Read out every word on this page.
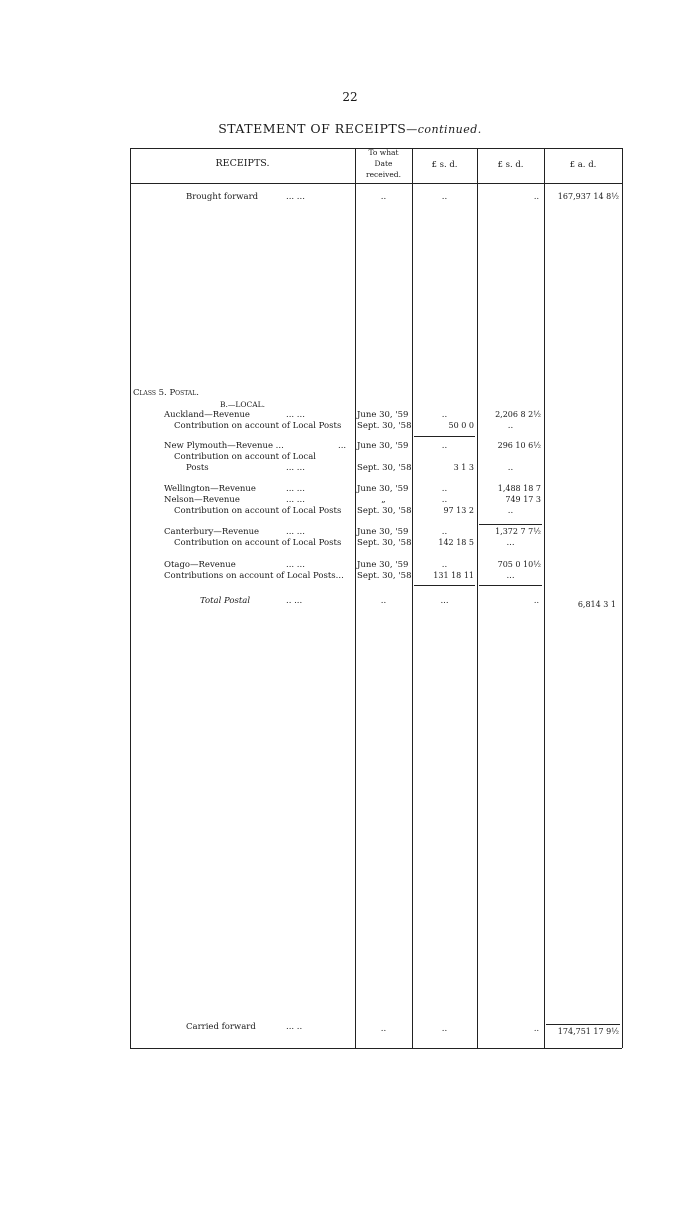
22
STATEMENT OF RECEIPTS—continued.
RECEIPTS.
To what
Date
received.
£ s. d.	£ s. d.	£ a. d.
Brought forward	... ...	..	..	..	167,937 14 8½
Class 5. Postal.
B.—LOCAL.
Auckland—Revenue	... ...	June 30, '59	..	2,206 8 2½
Contribution on account of Local Posts Sept. 30, '58	50 0 0	..
New Plymouth—Revenue ...	... June 30, '59	..	296 10 6½
Contribution on account of Local
Posts	... ...	Sept. 30, '58	3 1 3	..
Wellington—Revenue	... ...	June 30, '59	..	1,488 18 7
Nelson—Revenue	... ...	„	..	749 17 3
Contribution on account of Local Posts Sept. 30, '58	97 13 2	..
Canterbury—Revenue	... ...	June 30, '59	..	1,372 7 7½
Contribution on account of Local Posts Sept. 30, '58	142 18 5	...
Otago—Revenue	... ...	June 30, '59	..	705 0 10½
Contributions on account of Local Posts... Sept. 30, '58	131 18 11	...
Total Postal	.. ...	..	...	..	6,814 3 1
Carried forward	... ..	..	..	..	174,751 17 9½
